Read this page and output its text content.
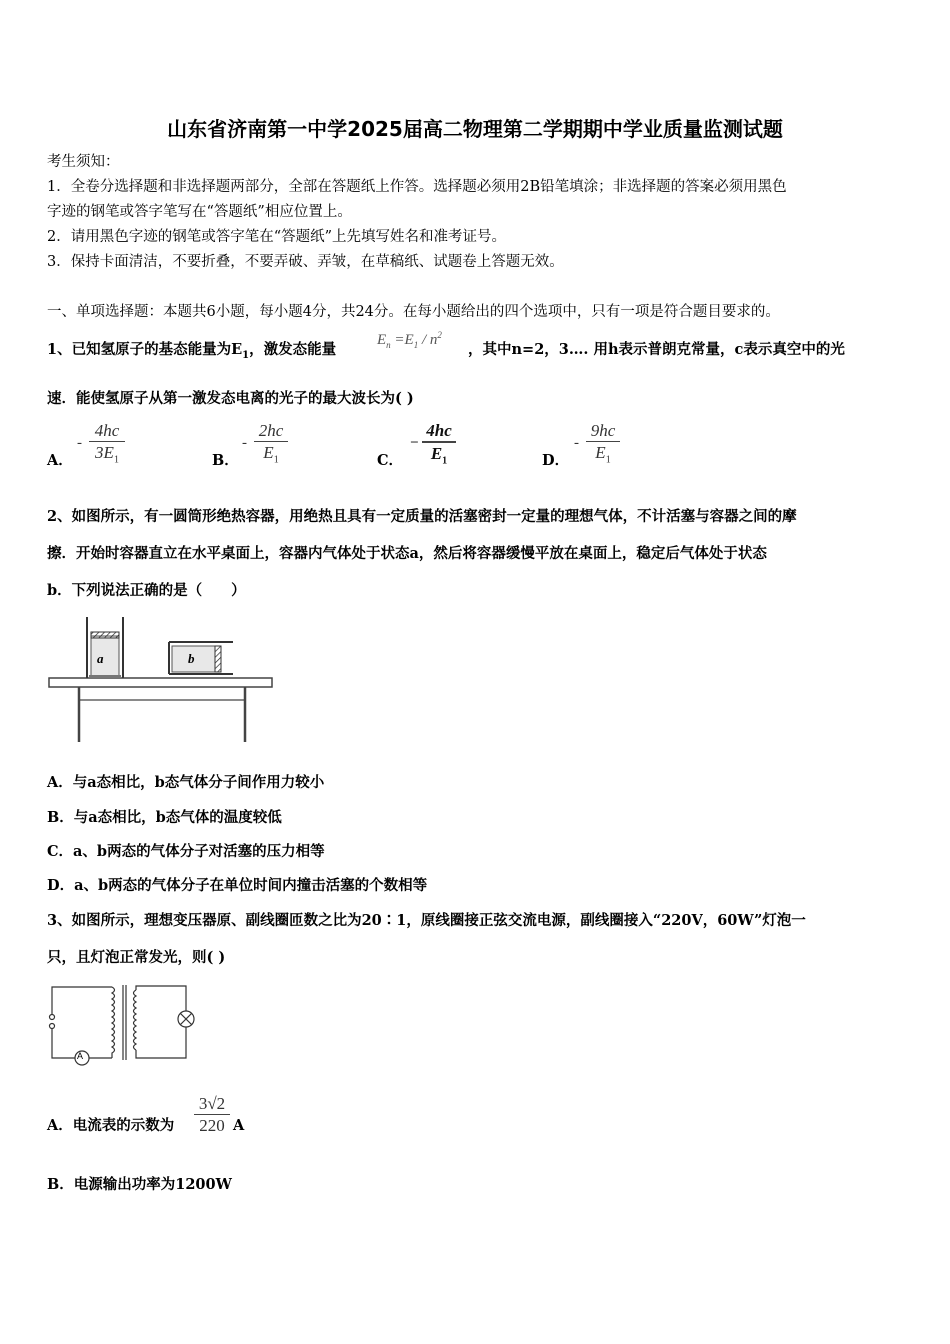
山东省济南第一中学2025届高二物理第二学期期中学业质量监测试题
考生须知：
1．全卷分选择题和非选择题两部分，全部在答题纸上作答。选择题必须用2B铅笔填涂；非选择题的答案必须用黑色
字迹的钢笔或答字笔写在“答题纸”相应位置上。
2．请用黑色字迹的钢笔或答字笔在“答题纸”上先填写姓名和准考证号。
3．保持卡面清洁，不要折叠，不要弄破、弄皱，在草稿纸、试题卷上答题无效。
一、单项选择题：本题共6小题，每小题4分，共24分。在每小题给出的四个选项中，只有一项是符合题目要求的。
1、已知氢原子的基态能量为$E_1$，激发态能量
$E_n =E_1 / n^2$
，其中n=2，3…. 用h表示普朗克常量，c表示真空中的光
速．能使氢原子从第一激发态电离的光子的最大波长为( )
A．
-
4hc
$3E_1$	B．
-
2hc
$E_1$	C．
−
4hc
$E_1$	D．
-
9hc
$E_1$
2、如图所示，有一圆筒形绝热容器，用绝热且具有一定质量的活塞密封一定量的理想气体，不计活塞与容器之间的摩
擦．开始时容器直立在水平桌面上，容器内气体处于状态a，然后将容器缓慢平放在桌面上，稳定后气体处于状态
b．下列说法正确的是（　　）
a	b
A．与a态相比，b态气体分子间作用力较小
B．与a态相比，b态气体的温度较低
C．a、b两态的气体分子对活塞的压力相等
D．a、b两态的气体分子在单位时间内撞击活塞的个数相等
3、如图所示，理想变压器原、副线圈匝数之比为20∶1，原线圈接正弦交流电源，副线圈接入“220V，60W”灯泡一
只，且灯泡正常发光，则( )
A
A．电流表的示数为
3√2
220 A
B．电源输出功率为1200W
